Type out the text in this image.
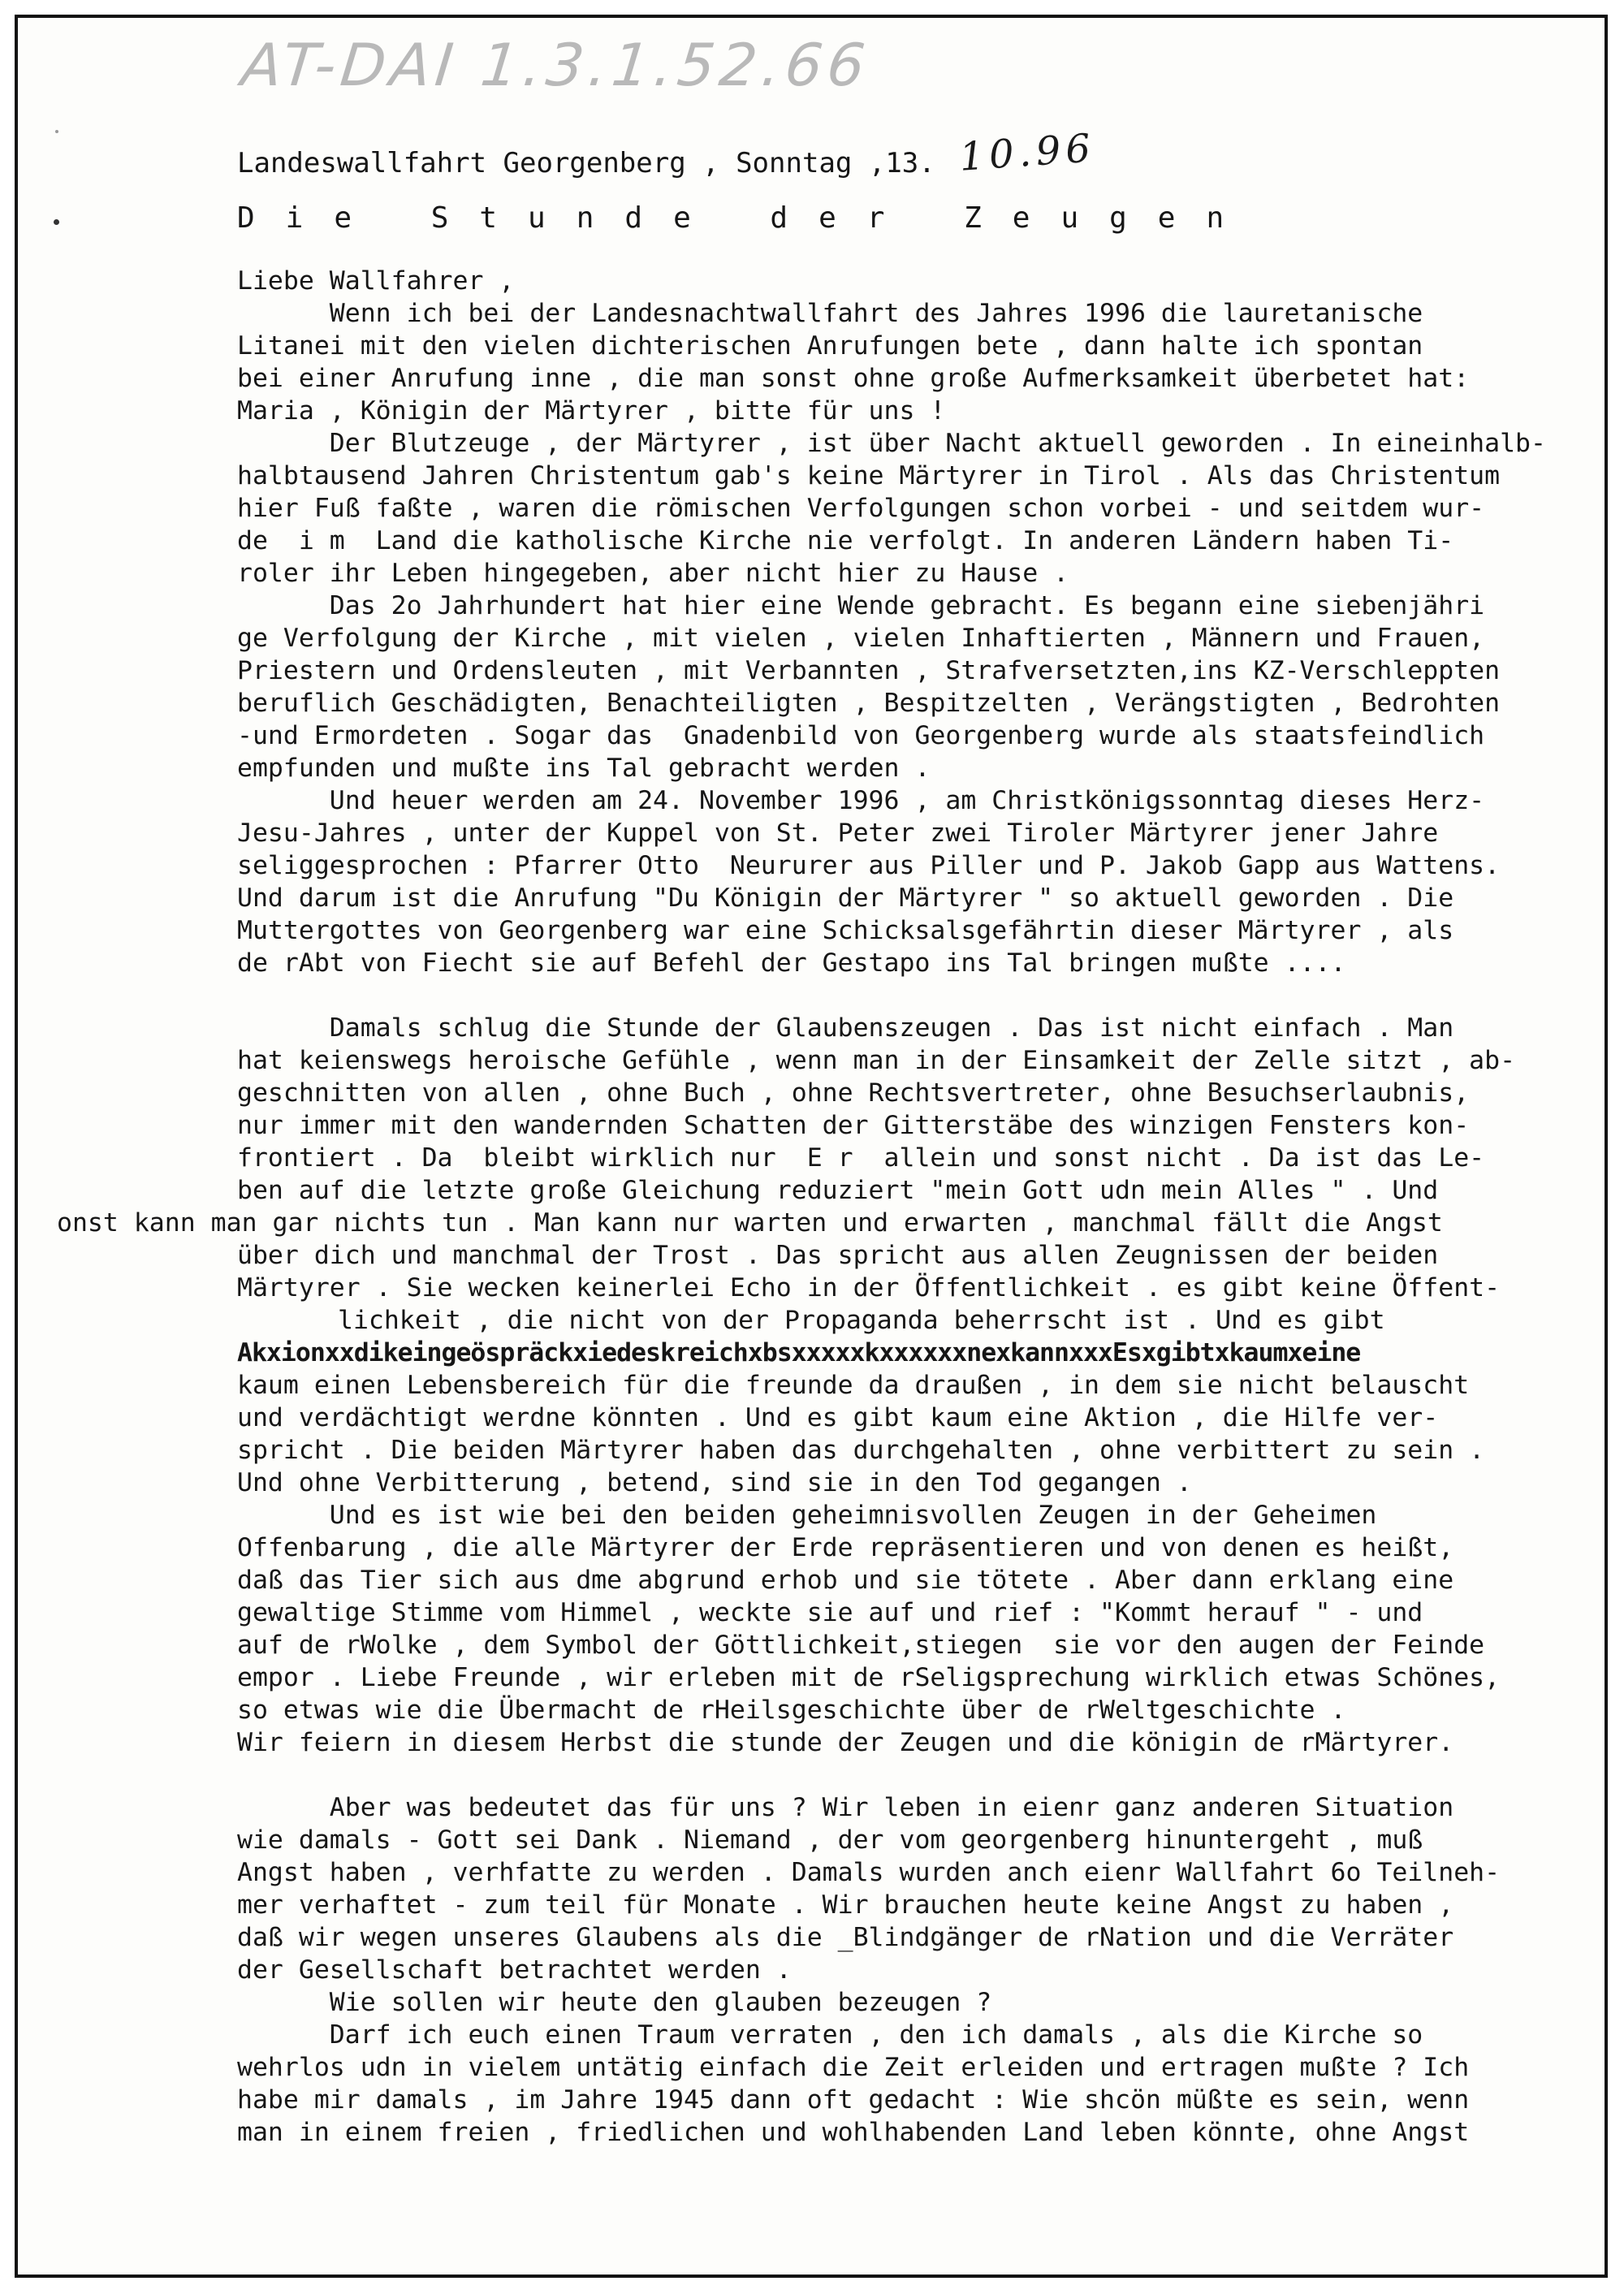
AT-DAI 1.3.1.52.66
Landeswallfahrt Georgenberg , Sonntag ,13. 10.96
Die Stunde der Zeugen
Liebe Wallfahrer ,
Wenn ich bei der Landesnachtwallfahrt des Jahres 1996 die lauretanische
Litanei mit den vielen dichterischen Anrufungen bete , dann halte ich spontan
bei einer Anrufung inne , die man sonst ohne große Aufmerksamkeit überbetet hat:
Maria , Königin der Märtyrer , bitte für uns !
Der Blutzeuge , der Märtyrer , ist über Nacht aktuell geworden . In eineinhalb-
halbtausend Jahren Christentum gab's keine Märtyrer in Tirol . Als das Christentum
hier Fuß faßte , waren die römischen Verfolgungen schon vorbei - und seitdem wur-
de  i m  Land die katholische Kirche nie verfolgt. In anderen Ländern haben Ti-
roler ihr Leben hingegeben, aber nicht hier zu Hause .
Das 2o Jahrhundert hat hier eine Wende gebracht. Es begann eine siebenjähri
ge Verfolgung der Kirche , mit vielen , vielen Inhaftierten , Männern und Frauen,
Priestern und Ordensleuten , mit Verbannten , Strafversetzten,ins KZ-Verschleppten
beruflich Geschädigten, Benachteiligten , Bespitzelten , Verängstigten , Bedrohten
-und Ermordeten . Sogar das  Gnadenbild von Georgenberg wurde als staatsfeindlich
empfunden und mußte ins Tal gebracht werden .
Und heuer werden am 24. November 1996 , am Christkönigssonntag dieses Herz-
Jesu-Jahres , unter der Kuppel von St. Peter zwei Tiroler Märtyrer jener Jahre
seliggesprochen : Pfarrer Otto  Neururer aus Piller und P. Jakob Gapp aus Wattens.
Und darum ist die Anrufung "Du Königin der Märtyrer " so aktuell geworden . Die
Muttergottes von Georgenberg war eine Schicksalsgefährtin dieser Märtyrer , als
de rAbt von Fiecht sie auf Befehl der Gestapo ins Tal bringen mußte ....
Damals schlug die Stunde der Glaubenszeugen . Das ist nicht einfach . Man
hat keienswegs heroische Gefühle , wenn man in der Einsamkeit der Zelle sitzt , ab-
geschnitten von allen , ohne Buch , ohne Rechtsvertreter, ohne Besuchserlaubnis,
nur immer mit den wandernden Schatten der Gitterstäbe des winzigen Fensters kon-
frontiert . Da  bleibt wirklich nur  E r  allein und sonst nicht . Da ist das Le-
ben auf die letzte große Gleichung reduziert "mein Gott udn mein Alles " . Und
onst kann man gar nichts tun . Man kann nur warten und erwarten , manchmal fällt die Angst
über dich und manchmal der Trost . Das spricht aus allen Zeugnissen der beiden
Märtyrer . Sie wecken keinerlei Echo in der Öffentlichkeit . es gibt keine Öffent-
lichkeit , die nicht von der Propaganda beherrscht ist . Und es gibt
AkxionxxdikeingeöspräckxiedeskreichxbsxxxxxkxxxxxxnexkannxxxEsxgibtxkaumxeine
kaum einen Lebensbereich für die freunde da draußen , in dem sie nicht belauscht
und verdächtigt werdne könnten . Und es gibt kaum eine Aktion , die Hilfe ver-
spricht . Die beiden Märtyrer haben das durchgehalten , ohne verbittert zu sein .
Und ohne Verbitterung , betend, sind sie in den Tod gegangen .
Und es ist wie bei den beiden geheimnisvollen Zeugen in der Geheimen
Offenbarung , die alle Märtyrer der Erde repräsentieren und von denen es heißt,
daß das Tier sich aus dme abgrund erhob und sie tötete . Aber dann erklang eine
gewaltige Stimme vom Himmel , weckte sie auf und rief : "Kommt herauf " - und
auf de rWolke , dem Symbol der Göttlichkeit,stiegen  sie vor den augen der Feinde
empor . Liebe Freunde , wir erleben mit de rSeligsprechung wirklich etwas Schönes,
so etwas wie die Übermacht de rHeilsgeschichte über de rWeltgeschichte .
Wir feiern in diesem Herbst die stunde der Zeugen und die königin de rMärtyrer.
Aber was bedeutet das für uns ? Wir leben in eienr ganz anderen Situation
wie damals - Gott sei Dank . Niemand , der vom georgenberg hinuntergeht , muß
Angst haben , verhfatte zu werden . Damals wurden anch eienr Wallfahrt 6o Teilneh-
mer verhaftet - zum teil für Monate . Wir brauchen heute keine Angst zu haben ,
daß wir wegen unseres Glaubens als die _Blindgänger de rNation und die Verräter
der Gesellschaft betrachtet werden .
Wie sollen wir heute den glauben bezeugen ?
Darf ich euch einen Traum verraten , den ich damals , als die Kirche so
wehrlos udn in vielem untätig einfach die Zeit erleiden und ertragen mußte ? Ich
habe mir damals , im Jahre 1945 dann oft gedacht : Wie shcön müßte es sein, wenn
man in einem freien , friedlichen und wohlhabenden Land leben könnte, ohne Angst
